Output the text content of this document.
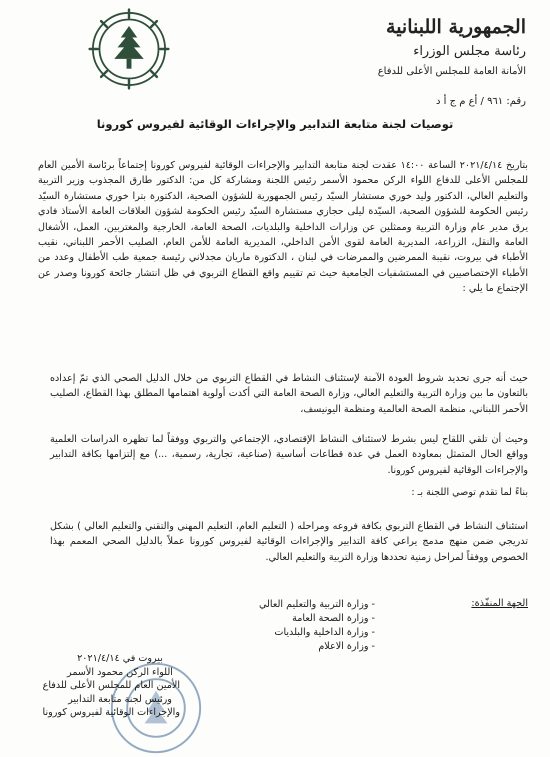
الجمهورية اللبنانية
رئاسة مجلس الوزراء
الأمانة العامة للمجلس الأعلى للدفاع
رقم: ٩٦١ / أع م ج أ د
توصيات لجنة متابعة التدابير والإجراءات الوقائية لفيروس كورونا

بتاريخ ٢٠٢١/٤/١٤ الساعة ١٤:٠٠ عقدت لجنة متابعة التدابير والإجراءات الوقائية لفيروس كورونا إجتماعاً برئاسة الأمين العام للمجلس الأعلى للدفاع اللواء الركن محمود الأسمر رئيس اللجنة ومشاركة كل من: الدكتور طارق المجذوب وزير التربية والتعليم العالي، الدكتور وليد خوري مستشار السيّد رئيس الجمهورية للشؤون الصحية، الدكتورة بترا خوري مستشارة السيّد رئيس الحكومة للشؤون الصحية، السيّدة ليلى حجازي مستشارة السيّد رئيس الحكومة لشؤون العلاقات العامة الأستاذ فادي يرق مدير عام وزارة التربية وممثلين عن وزارات الداخلية والبلديات، الصحة العامة، الخارجية والمغتربين، العمل، الأشغال العامة والنقل، الزراعة، المديرية العامة لقوى الأمن الداخلي، المديرية العامة للأمن العام، الصليب الأحمر اللبناني، نقيب الأطباء في بيروت، نقيبة الممرضين والممرضات في لبنان ، الدكتورة ماريان مجدلاني رئيسة جمعية طب الأطفال وعدد من الأطباء الإختصاصيين في المستشفيات الجامعية حيث تم تقييم واقع القطاع التربوي في ظل انتشار جائحة كورونا وصدر عن الإجتماع ما يلي :

حيث أنه جرى تحديد شروط العودة الآمنة لإستئناف النشاط في القطاع التربوي من خلال الدليل الصحي الذي تمّ إعداده بالتعاون ما بين وزارة التربية والتعليم العالي، وزارة الصحة العامة التي أكدت أولوية اهتمامها المطلق بهذا القطاع، الصليب الأحمر اللبناني، منظمة الصحة العالمية ومنظمة اليونيسف،

وحيث أن تلقي اللقاح ليس بشرط لاستئناف النشاط الإقتصادي، الإجتماعي والتربوي ووفقاً لما تظهره الدراسات العلمية وواقع الحال المتمثل بمعاودة العمل في عدة قطاعات أساسية (صناعية، تجارية، رسمية، ...) مع إلتزامها بكافة التدابير والإجراءات الوقائية لفيروس كورونا.

بناءً لما تقدم توصي اللجنة بـ :

استئناف النشاط في القطاع التربوي بكافة فروعه ومراحله ( التعليم العام، التعليم المهني والتقني والتعليم العالي ) بشكل تدريجي ضمن منهج مدمج يراعي كافة التدابير والإجراءات الوقائية لفيروس كورونا عملاً بالدليل الصحي المعمم بهذا الخصوص ووفقاً لمراحل زمنية تحددها وزارة التربية والتعليم العالي.

الجهة المنفّذة:
- وزارة التربية والتعليم العالي
- وزارة الصحة العامة
- وزارة الداخلية والبلديات
- وزارة الاعلام
بيروت في ٢٠٢١/٤/١٤
اللواء الركن محمود الأسمر
الأمين العام للمجلس الأعلى للدفاع
ورئيس لجنة متابعة التدابير
والإجراءات الوقائية لفيروس كورونا
